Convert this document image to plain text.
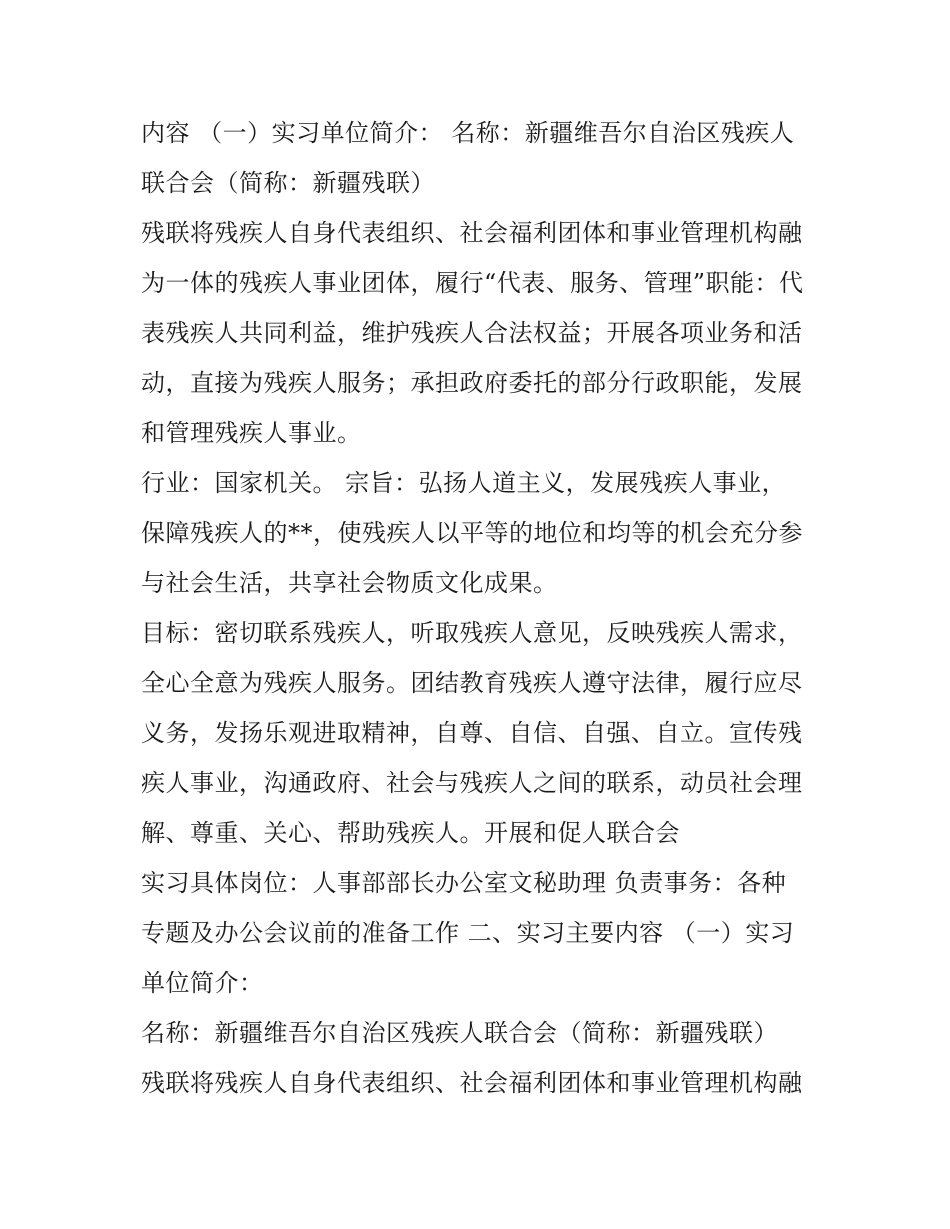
内容 （一）实习单位简介： 名称：新疆维吾尔自治区残疾人
联合会（简称：新疆残联）
残联将残疾人自身代表组织、社会福利团体和事业管理机构融
为一体的残疾人事业团体，履行“代表、服务、管理”职能：代
表残疾人共同利益，维护残疾人合法权益；开展各项业务和活
动，直接为残疾人服务；承担政府委托的部分行政职能，发展
和管理残疾人事业。
行业：国家机关。 宗旨：弘扬人道主义，发展残疾人事业，
保障残疾人的**，使残疾人以平等的地位和均等的机会充分参
与社会生活，共享社会物质文化成果。
目标：密切联系残疾人，听取残疾人意见，反映残疾人需求，
全心全意为残疾人服务。团结教育残疾人遵守法律，履行应尽
义务，发扬乐观进取精神，自尊、自信、自强、自立。宣传残
疾人事业，沟通政府、社会与残疾人之间的联系，动员社会理
解、尊重、关心、帮助残疾人。开展和促人联合会
实习具体岗位：人事部部长办公室文秘助理 负责事务：各种
专题及办公会议前的准备工作 二、实习主要内容 （一）实习
单位简介：
名称：新疆维吾尔自治区残疾人联合会（简称：新疆残联）
残联将残疾人自身代表组织、社会福利团体和事业管理机构融
